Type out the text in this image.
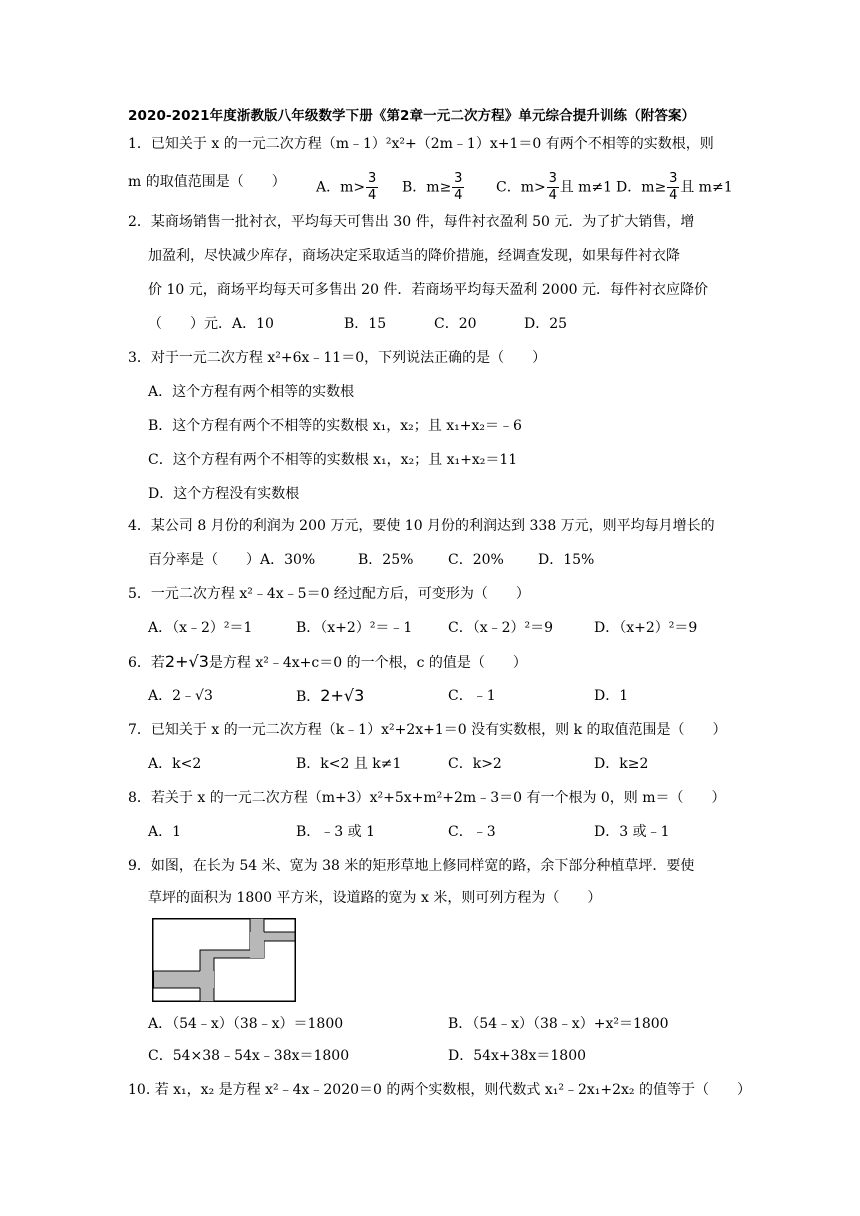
2020-2021年度浙教版八年级数学下册《第2章一元二次方程》单元综合提升训练（附答案）
1．已知关于 x 的一元二次方程（m﹣1）²x²+（2m﹣1）x+1＝0 有两个不相等的实数根，则
m 的取值范围是（　　） A．$m> \frac{3}{4}$ B．$m\ge \frac{3}{4}$ C．$m> \frac{3}{4}$ 且 m≠1 D．$m\ge \frac{3}{4}$ 且 m≠1
2．某商场销售一批衬衣，平均每天可售出 30 件，每件衬衣盈利 50 元．为了扩大销售，增
加盈利，尽快减少库存，商场决定采取适当的降价措施，经调查发现，如果每件衬衣降
价 10 元，商场平均每天可多售出 20 件．若商场平均每天盈利 2000 元．每件衬衣应降价
（　　）元．A．10	B．15	C．20	D．25
3．对于一元二次方程 x²+6x﹣11＝0，下列说法正确的是（　　）
A．这个方程有两个相等的实数根
B．这个方程有两个不相等的实数根 x₁，x₂；且 x₁+x₂＝﹣6
C．这个方程有两个不相等的实数根 x₁，x₂；且 x₁+x₂＝11
D．这个方程没有实数根
4．某公司 8 月份的利润为 200 万元，要使 10 月份的利润达到 338 万元，则平均每月增长的
百分率是（　　）A．30%	B．25% C．20% D．15%
5．一元二次方程 x²﹣4x﹣5＝0 经过配方后，可变形为（　　）
A．（x﹣2）²＝1	B．（x+2）²＝﹣1	C．（x﹣2）²＝9	D．（x+2）²＝9
6．若2+√3是方程 x²﹣4x+c＝0 的一个根，c 的值是（　　）
A．2﹣√3	B．2+√3	C．﹣1	D．1
7．已知关于 x 的一元二次方程（k﹣1）x²+2x+1＝0 没有实数根，则 k 的取值范围是（　　）
A．k<2	B．k<2 且 k≠1	C．k>2	D．k≥2
8．若关于 x 的一元二次方程（m+3）x²+5x+m²+2m﹣3＝0 有一个根为 0，则 m＝（　　）
A．1	B．﹣3 或 1	C．﹣3	D．3 或﹣1
9．如图，在长为 54 米、宽为 38 米的矩形草地上修同样宽的路，余下部分种植草坪．要使
草坪的面积为 1800 平方米，设道路的宽为 x 米，则可列方程为（　　）
A．（54﹣x）（38﹣x）＝1800	B．（54﹣x）（38﹣x）+x²＝1800
C．54×38﹣54x﹣38x＝1800	D．54x+38x＝1800
10. 若 x₁，x₂ 是方程 x²﹣4x﹣2020＝0 的两个实数根，则代数式 x₁²﹣2x₁+2x₂ 的值等于（　　）
